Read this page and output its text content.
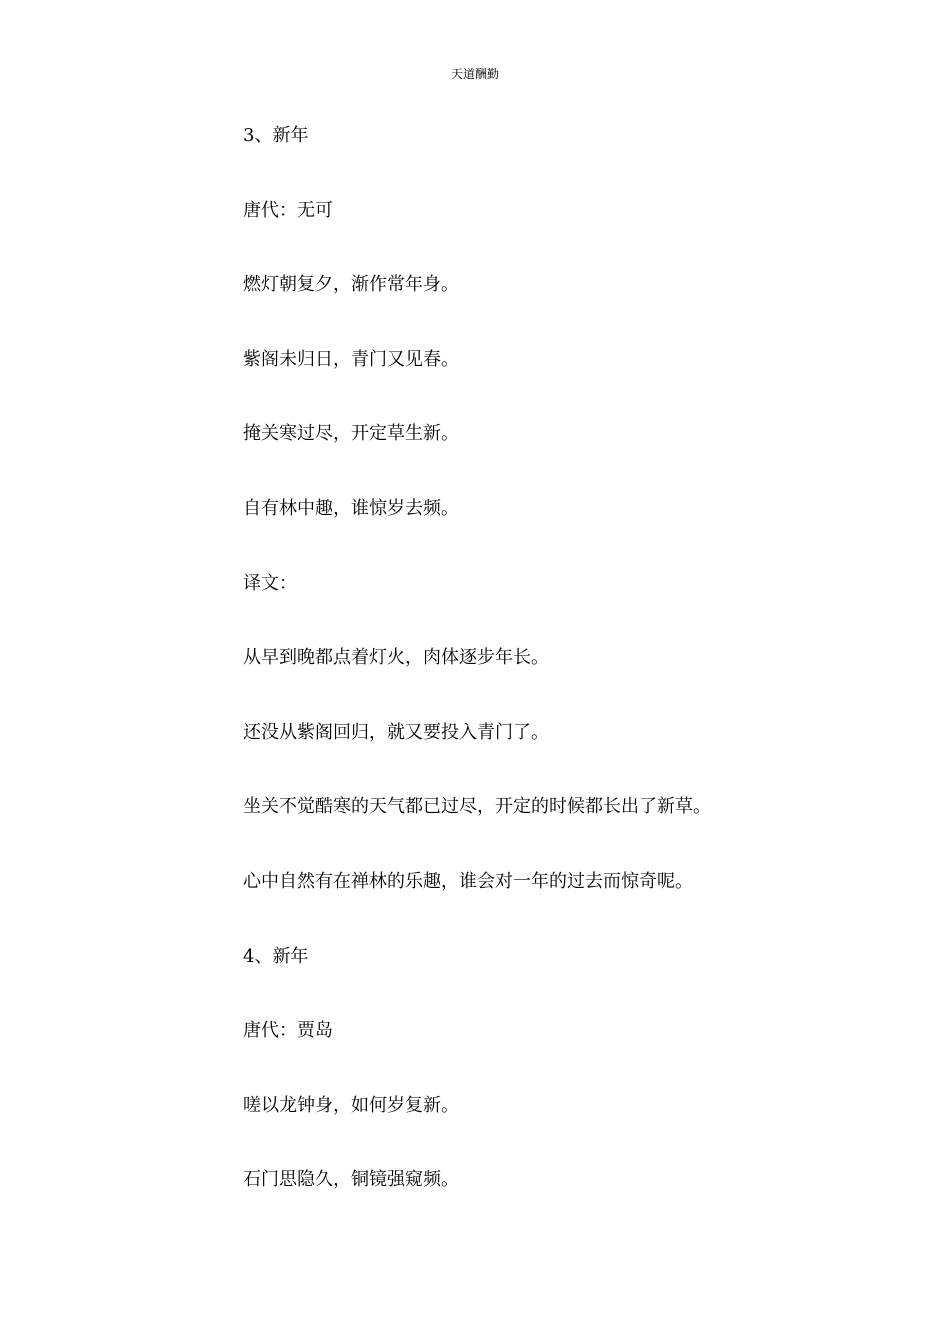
天道酬勤

3、新年

唐代：无可

燃灯朝复夕，渐作常年身。

紫阁未归日，青门又见春。

掩关寒过尽，开定草生新。

自有林中趣，谁惊岁去频。

译文：

从早到晚都点着灯火，肉体逐步年长。

还没从紫阁回归，就又要投入青门了。

坐关不觉酷寒的天气都已过尽，开定的时候都长出了新草。

心中自然有在禅林的乐趣，谁会对一年的过去而惊奇呢。

4、新年

唐代：贾岛

嗟以龙钟身，如何岁复新。

石门思隐久，铜镜强窥频。
